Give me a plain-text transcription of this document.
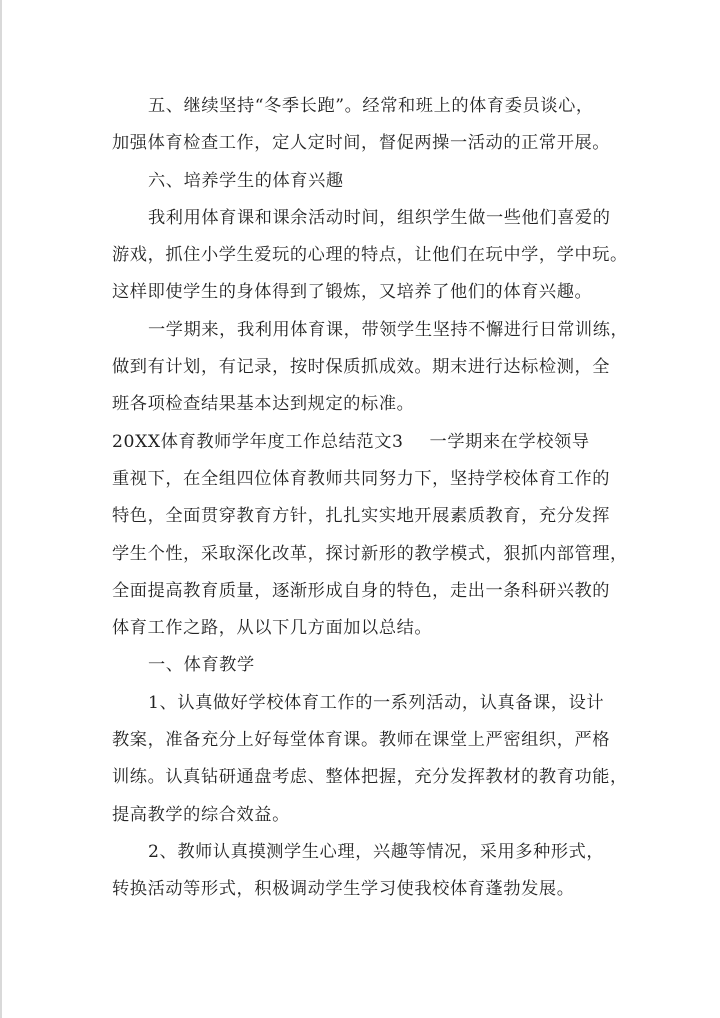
五、继续坚持“冬季长跑”。经常和班上的体育委员谈心，
加强体育检查工作，定人定时间，督促两操一活动的正常开展。
六、培养学生的体育兴趣
我利用体育课和课余活动时间，组织学生做一些他们喜爱的
游戏，抓住小学生爱玩的心理的特点，让他们在玩中学，学中玩。
这样即使学生的身体得到了锻炼，又培养了他们的体育兴趣。
一学期来，我利用体育课，带领学生坚持不懈进行日常训练，
做到有计划，有记录，按时保质抓成效。期末进行达标检测，全
班各项检查结果基本达到规定的标准。
20XX体育教师学年度工作总结范文3 一学期来在学校领导
重视下，在全组四位体育教师共同努力下，坚持学校体育工作的
特色，全面贯穿教育方针，扎扎实实地开展素质教育，充分发挥
学生个性，采取深化改革，探讨新形的教学模式，狠抓内部管理，
全面提高教育质量，逐渐形成自身的特色，走出一条科研兴教的
体育工作之路，从以下几方面加以总结。
一、体育教学
1、认真做好学校体育工作的一系列活动，认真备课，设计
教案，准备充分上好每堂体育课。教师在课堂上严密组织，严格
训练。认真钻研通盘考虑、整体把握，充分发挥教材的教育功能，
提高教学的综合效益。
2、教师认真摸测学生心理，兴趣等情况，采用多种形式，
转换活动等形式，积极调动学生学习使我校体育蓬勃发展。
